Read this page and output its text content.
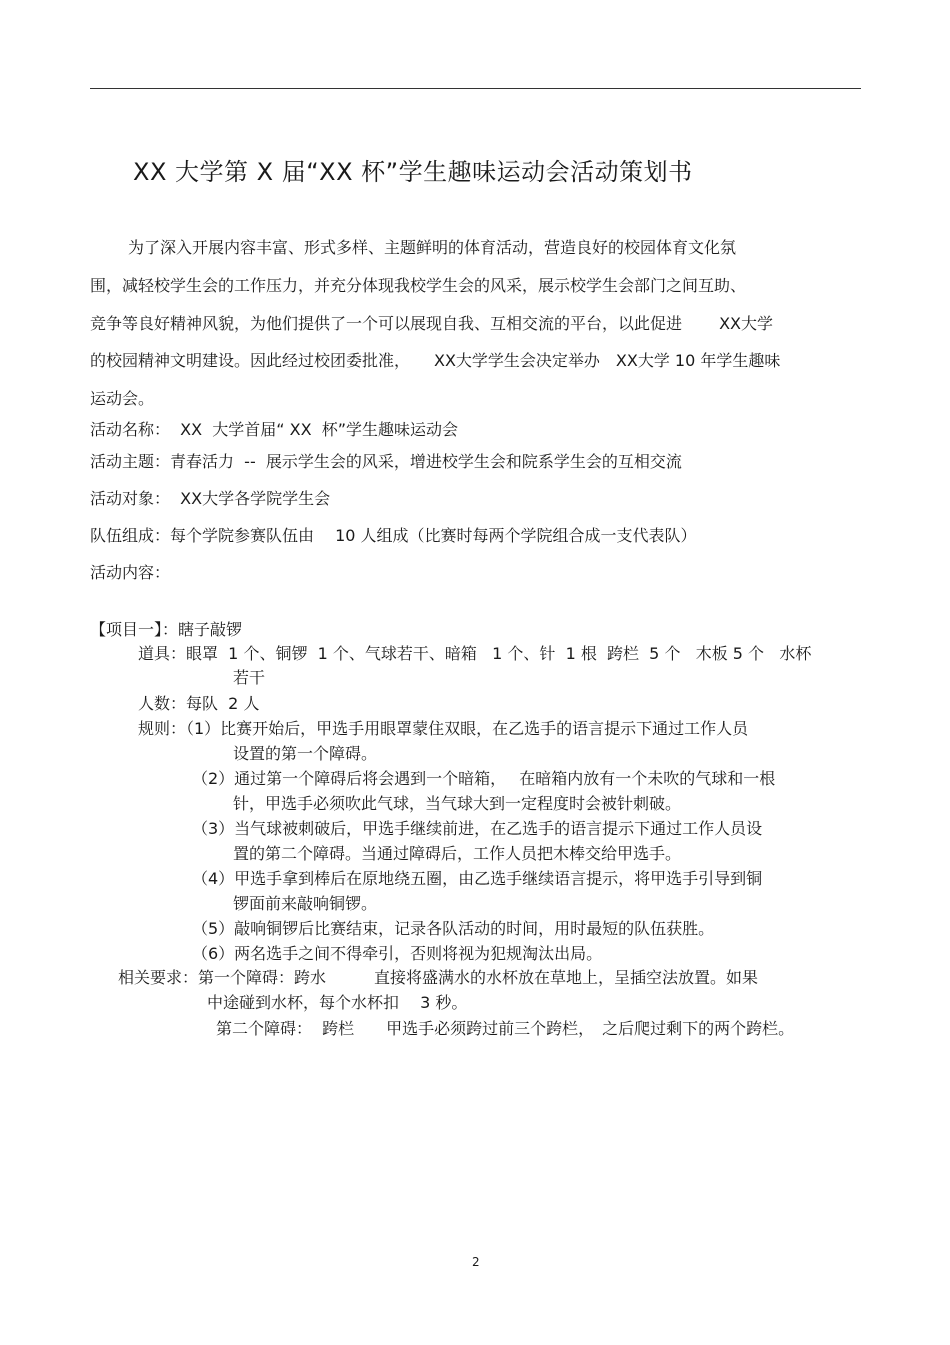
XX 大学第 X 届“XX 杯”学生趣味运动会活动策划书
为了深入开展内容丰富、形式多样、主题鲜明的体育活动，营造良好的校园体育文化氛
围，减轻校学生会的工作压力，并充分体现我校学生会的风采，展示校学生会部门之间互助、
竞争等良好精神风貌，为他们提供了一个可以展现自我、互相交流的平台，以此促进　　 XX大学
的校园精神文明建设。因此经过校团委批准，　　XX大学学生会决定举办　XX大学 10 年学生趣味
运动会。
活动名称：  XX  大学首届“ XX  杯”学生趣味运动会
活动主题：青春活力  --  展示学生会的风采，增进校学生会和院系学生会的互相交流
活动对象：  XX大学各学院学生会
队伍组成：每个学院参赛队伍由　 10 人组成（比赛时每两个学院组合成一支代表队）
活动内容：
【项目一】：瞎子敲锣
道具：眼罩  1 个、铜锣  1 个、气球若干、暗箱   1 个、针  1 根  跨栏  5 个   木板 5 个   水杯
若干
人数：每队  2 人
规则：（1）比赛开始后，甲选手用眼罩蒙住双眼，在乙选手的语言提示下通过工作人员
设置的第一个障碍。
（2）通过第一个障碍后将会遇到一个暗箱，　 在暗箱内放有一个未吹的气球和一根
针，甲选手必须吹此气球，当气球大到一定程度时会被针刺破。
（3）当气球被刺破后，甲选手继续前进，在乙选手的语言提示下通过工作人员设
置的第二个障碍。当通过障碍后，工作人员把木棒交给甲选手。
（4）甲选手拿到棒后在原地绕五圈，由乙选手继续语言提示，将甲选手引导到铜
锣面前来敲响铜锣。
（5）敲响铜锣后比赛结束，记录各队活动的时间，用时最短的队伍获胜。
（6）两名选手之间不得牵引，否则将视为犯规淘汰出局。
相关要求：第一个障碍：跨水　　　直接将盛满水的水杯放在草地上，呈插空法放置。如果
中途碰到水杯，每个水杯扣　 3 秒。
第二个障碍：  跨栏　　甲选手必须跨过前三个跨栏，　之后爬过剩下的两个跨栏。
2
